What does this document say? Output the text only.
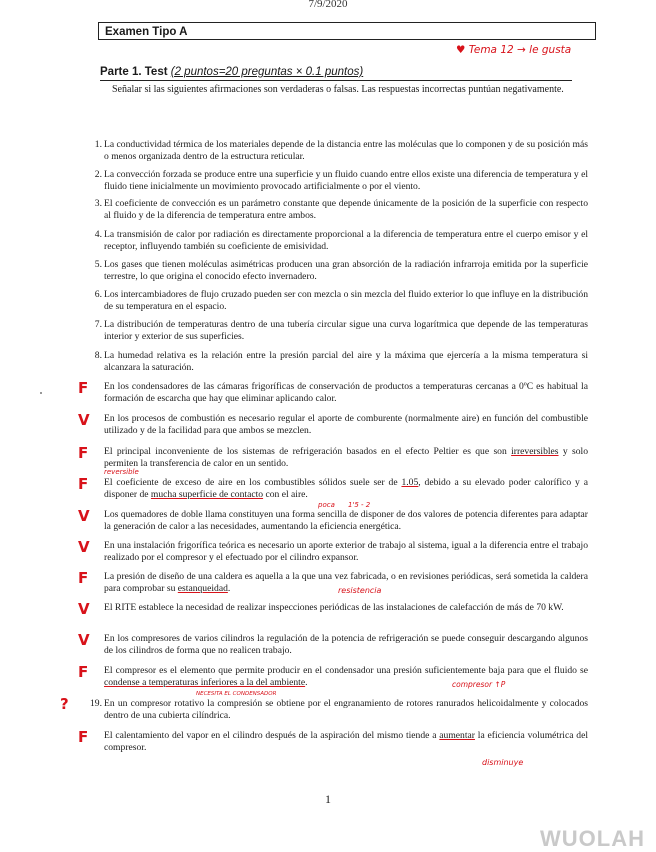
7/9/2020
Examen Tipo A
♥ Tema 12 → le gusta
Parte 1. Test (2 puntos=20 preguntas × 0.1 puntos)
Señalar si las siguientes afirmaciones son verdaderas o falsas. Las respuestas incorrectas puntúan negativamente.
1. La conductividad térmica de los materiales depende de la distancia entre las moléculas que lo componen y de su posición más o menos organizada dentro de la estructura reticular.
2. La convección forzada se produce entre una superficie y un fluido cuando entre ellos existe una diferencia de temperatura y el fluido tiene inicialmente un movimiento provocado artificialmente o por el viento.
3. El coeficiente de convección es un parámetro constante que depende únicamente de la posición de la superficie con respecto al fluido y de la diferencia de temperatura entre ambos.
4. La transmisión de calor por radiación es directamente proporcional a la diferencia de temperatura entre el cuerpo emisor y el receptor, influyendo también su coeficiente de emisividad.
5. Los gases que tienen moléculas asimétricas producen una gran absorción de la radiación infrarroja emitida por la superficie terrestre, lo que origina el conocido efecto invernadero.
6. Los intercambiadores de flujo cruzado pueden ser con mezcla o sin mezcla del fluido exterior lo que influye en la distribución de su temperatura en el espacio.
7. La distribución de temperaturas dentro de una tubería circular sigue una curva logarítmica que depende de las temperaturas interior y exterior de sus superficies.
8. La humedad relativa es la relación entre la presión parcial del aire y la máxima que ejercería a la misma temperatura si alcanzara la saturación.
F En los condensadores de las cámaras frigoríficas de conservación de productos a temperaturas cercanas a 0ºC es habitual la formación de escarcha que hay que eliminar aplicando calor.
V En los procesos de combustión es necesario regular el aporte de comburente (normalmente aire) en función del combustible utilizado y de la facilidad para que ambos se mezclen.
F El principal inconveniente de los sistemas de refrigeración basados en el efecto Peltier es que son irreversibles y solo permiten la transferencia de calor en un sentido.
reversible
F El coeficiente de exceso de aire en los combustibles sólidos suele ser de 1.05, debido a su elevado poder calorífico y a disponer de mucha superficie de contacto con el aire.
poca 1'5 - 2
V Los quemadores de doble llama constituyen una forma sencilla de disponer de dos valores de potencia diferentes para adaptar la generación de calor a las necesidades, aumentando la eficiencia energética.
V En una instalación frigorífica teórica es necesario un aporte exterior de trabajo al sistema, igual a la diferencia entre el trabajo realizado por el compresor y el efectuado por el cilindro expansor.
F La presión de diseño de una caldera es aquella a la que una vez fabricada, o en revisiones periódicas, será sometida la caldera para comprobar su estanqueidad.	resistencia
V El RITE establece la necesidad de realizar inspecciones periódicas de las instalaciones de calefacción de más de 70 kW.
V En los compresores de varios cilindros la regulación de la potencia de refrigeración se puede conseguir descargando algunos de los cilindros de forma que no realicen trabajo.
F El compresor es el elemento que permite producir en el condensador una presión suficientemente baja para que el fluido se condense a temperaturas inferiores a la del ambiente.	compresor ↑P
NECESITA EL CONDENSADOR
? 19. En un compresor rotativo la compresión se obtiene por el engranamiento de rotores ranurados helicoidalmente y colocados dentro de una cubierta cilíndrica.
F El calentamiento del vapor en el cilindro después de la aspiración del mismo tiende a aumentar la eficiencia volumétrica del compresor.
disminuye
1
WUOLAH
